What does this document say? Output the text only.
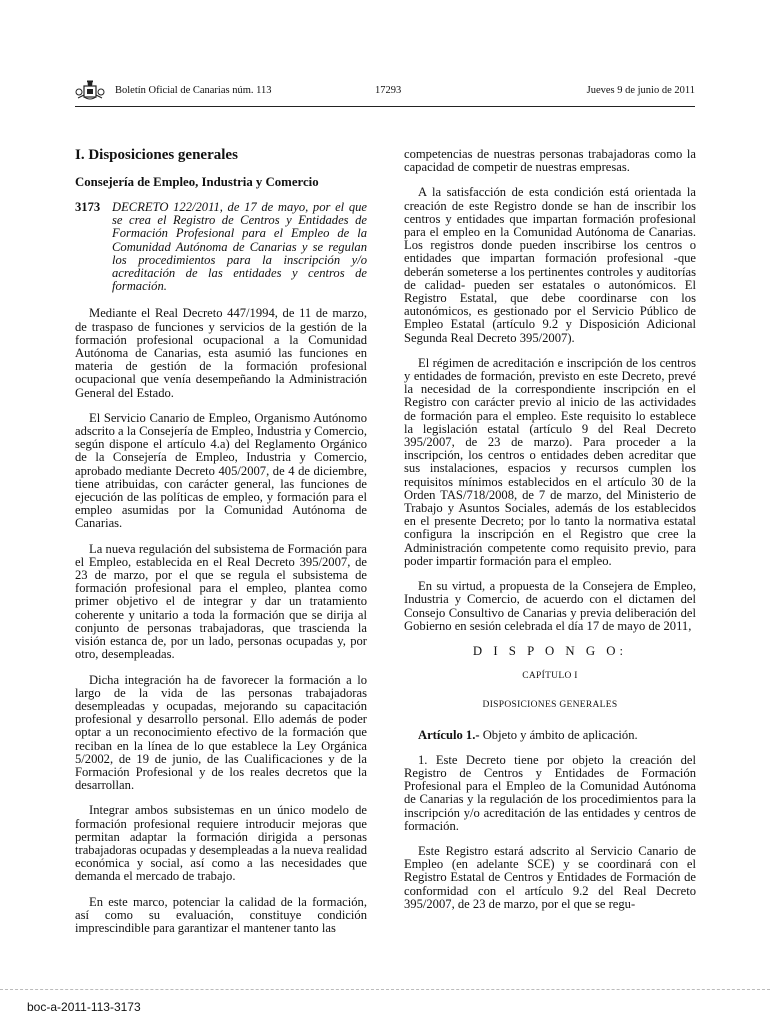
Boletín Oficial de Canarias núm. 113	17293	Jueves 9 de junio de 2011
I. Disposiciones generales
Consejería de Empleo, Industria y Comercio
3173 DECRETO 122/2011, de 17 de mayo, por el que se crea el Registro de Centros y Entidades de Formación Profesional para el Empleo de la Comunidad Autónoma de Canarias y se regulan los procedimientos para la inscripción y/o acreditación de las entidades y centros de formación.

Mediante el Real Decreto 447/1994, de 11 de marzo, de traspaso de funciones y servicios de la gestión de la formación profesional ocupacional a la Comunidad Autónoma de Canarias, esta asumió las funciones en materia de gestión de la formación profesional ocupacional que venía desempeñando la Administración General del Estado.

El Servicio Canario de Empleo, Organismo Autónomo adscrito a la Consejería de Empleo, Industria y Comercio, según dispone el artículo 4.a) del Reglamento Orgánico de la Consejería de Empleo, Industria y Comercio, aprobado mediante Decreto 405/2007, de 4 de diciembre, tiene atribuidas, con carácter general, las funciones de ejecución de las políticas de empleo, y formación para el empleo asumidas por la Comunidad Autónoma de Canarias.

La nueva regulación del subsistema de Formación para el Empleo, establecida en el Real Decreto 395/2007, de 23 de marzo, por el que se regula el subsistema de formación profesional para el empleo, plantea como primer objetivo el de integrar y dar un tratamiento coherente y unitario a toda la formación que se dirija al conjunto de personas trabajadoras, que trascienda la visión estanca de, por un lado, personas ocupadas y, por otro, desempleadas.

Dicha integración ha de favorecer la formación a lo largo de la vida de las personas trabajadoras desempleadas y ocupadas, mejorando su capacitación profesional y desarrollo personal. Ello además de poder optar a un reconocimiento efectivo de la formación que reciban en la línea de lo que establece la Ley Orgánica 5/2002, de 19 de junio, de las Cualificaciones y de la Formación Profesional y de los reales decretos que la desarrollan.

Integrar ambos subsistemas en un único modelo de formación profesional requiere introducir mejoras que permitan adaptar la formación dirigida a personas trabajadoras ocupadas y desempleadas a la nueva realidad económica y social, así como a las necesidades que demanda el mercado de trabajo.

En este marco, potenciar la calidad de la formación, así como su evaluación, constituye condición imprescindible para garantizar el mantener tanto las

competencias de nuestras personas trabajadoras como la capacidad de competir de nuestras empresas.

A la satisfacción de esta condición está orientada la creación de este Registro donde se han de inscribir los centros y entidades que impartan formación profesional para el empleo en la Comunidad Autónoma de Canarias. Los registros donde pueden inscribirse los centros o entidades que impartan formación profesional -que deberán someterse a los pertinentes controles y auditorías de calidad- pueden ser estatales o autonómicos. El Registro Estatal, que debe coordinarse con los autonómicos, es gestionado por el Servicio Público de Empleo Estatal (artículo 9.2 y Disposición Adicional Segunda Real Decreto 395/2007).

El régimen de acreditación e inscripción de los centros y entidades de formación, previsto en este Decreto, prevé la necesidad de la correspondiente inscripción en el Registro con carácter previo al inicio de las actividades de formación para el empleo. Este requisito lo establece la legislación estatal (artículo 9 del Real Decreto 395/2007, de 23 de marzo). Para proceder a la inscripción, los centros o entidades deben acreditar que sus instalaciones, espacios y recursos cumplen los requisitos mínimos establecidos en el artículo 30 de la Orden TAS/718/2008, de 7 de marzo, del Ministerio de Trabajo y Asuntos Sociales, además de los establecidos en el presente Decreto; por lo tanto la normativa estatal configura la inscripción en el Registro que cree la Administración competente como requisito previo, para poder impartir formación para el empleo.

En su virtud, a propuesta de la Consejera de Empleo, Industria y Comercio, de acuerdo con el dictamen del Consejo Consultivo de Canarias y previa deliberación del Gobierno en sesión celebrada el día 17 de mayo de 2011,

D I S P O N G O:
CAPÍTULO I
DISPOSICIONES GENERALES
Artículo 1.- Objeto y ámbito de aplicación.

1. Este Decreto tiene por objeto la creación del Registro de Centros y Entidades de Formación Profesional para el Empleo de la Comunidad Autónoma de Canarias y la regulación de los procedimientos para la inscripción y/o acreditación de las entidades y centros de formación.

Este Registro estará adscrito al Servicio Canario de Empleo (en adelante SCE) y se coordinará con el Registro Estatal de Centros y Entidades de Formación de conformidad con el artículo 9.2 del Real Decreto 395/2007, de 23 de marzo, por el que se regu-

boc-a-2011-113-3173
